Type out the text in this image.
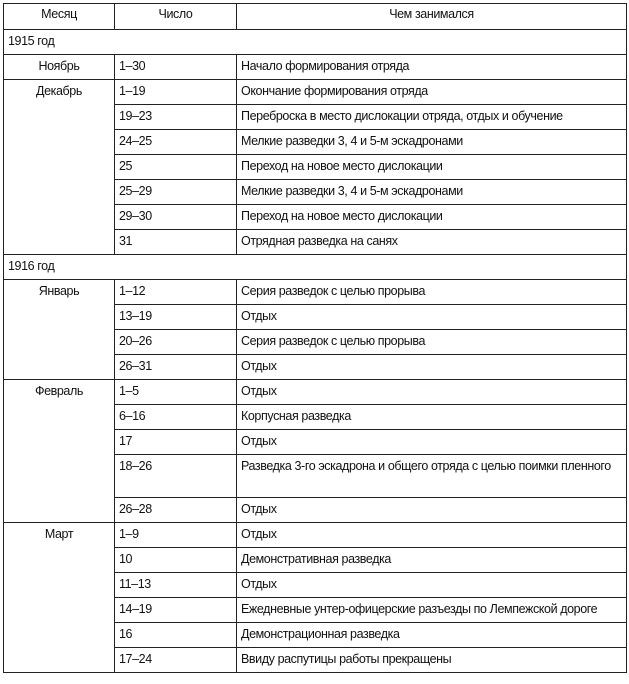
Месяц	Число	Чем занимался
1915 год		
Ноябрь	1–30	Начало формирования отряда
Декабрь	1–19	Окончание формирования отряда
	19–23	Переброска в место дислокации отряда, отдых и обучение
	24–25	Мелкие разведки 3, 4 и 5-м эскадронами
	25	Переход на новое место дислокации
	25–29	Мелкие разведки 3, 4 и 5-м эскадронами
	29–30	Переход на новое место дислокации
	31	Отрядная разведка на санях
1916 год		
Январь	1–12	Серия разведок с целью прорыва
	13–19	Отдых
	20–26	Серия разведок с целью прорыва
	26–31	Отдых
Февраль	1–5	Отдых
	6–16	Корпусная разведка
	17	Отдых
	18–26	Разведка 3-го эскадрона и общего отряда с целью поимки пленного
	26–28	Отдых
Март	1–9	Отдых
	10	Демонстративная разведка
	11–13	Отдых
	14–19	Ежедневные унтер-офицерские разъезды по Лемпежской дороге
	16	Демонстрационная разведка
	17–24	Ввиду распутицы работы прекращены
